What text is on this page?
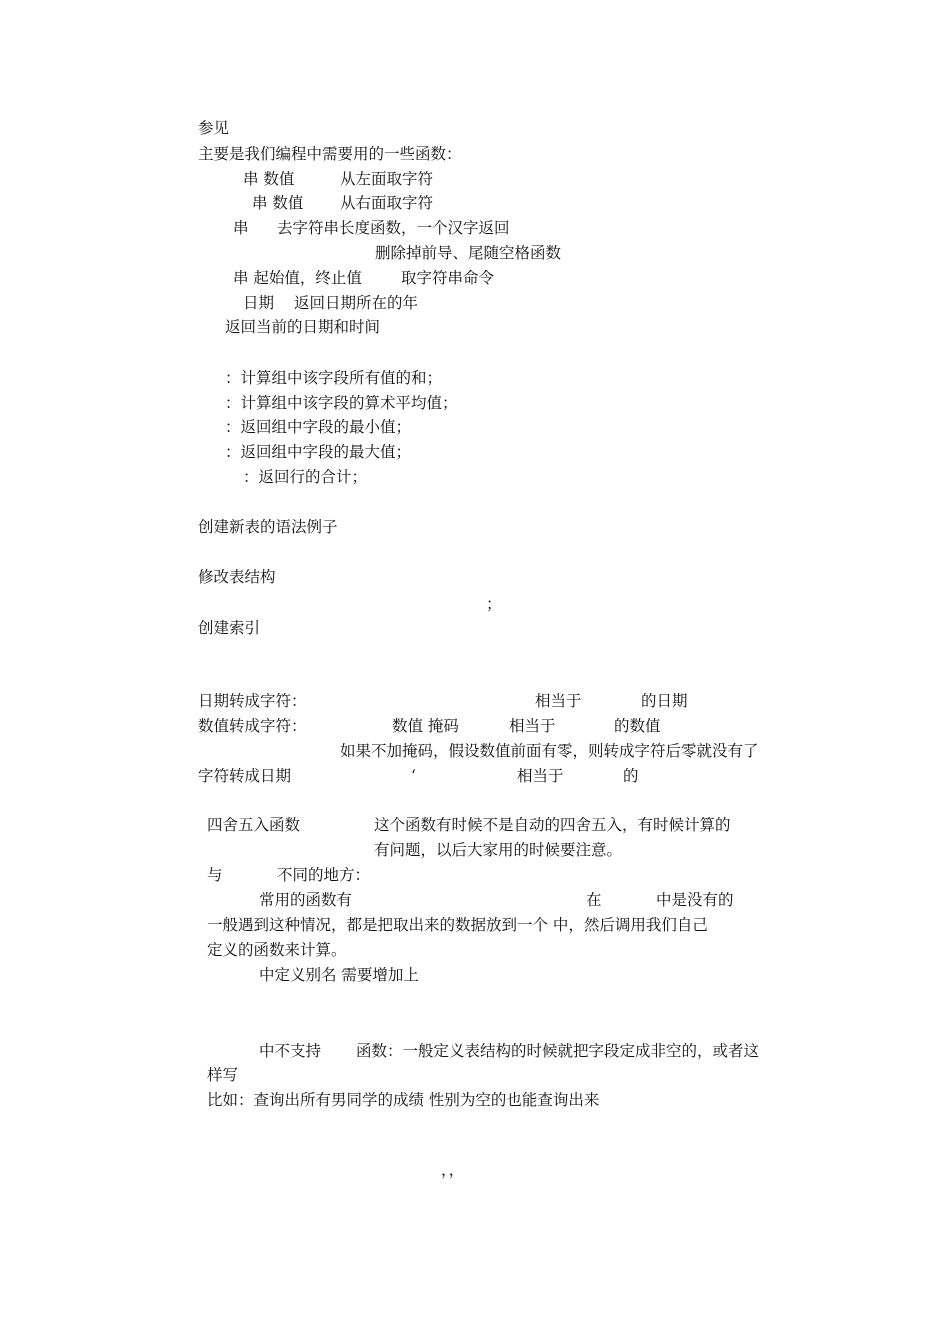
参见

主要是我们编程中需要用的一些函数：

串 数值	从左面取字符

串 数值 从右面取字符

串 去字符串长度函数，一个汉字返回

删除掉前导、尾随空格函数

串 起始值，终止值	取字符串命令

日期 返回日期所在的年

返回当前的日期和时间

：计算组中该字段所有值的和；

：计算组中该字段的算术平均值；

：返回组中字段的最小值；

：返回组中字段的最大值；

：返回行的合计；

创建新表的语法例子

修改表结构

；

创建索引

日期转成字符：	相当于	的日期

数值转成字符：	数值 掩码	相当于	的数值

如果不加掩码，假设数值前面有零，则转成字符后零就没有了

字符转成日期	‘	相当于	的

四舍五入函数	这个函数有时候不是自动的四舍五入，有时候计算的

有问题，以后大家用的时候要注意。

与	不同的地方：

常用的函数有	在	中是没有的

一般遇到这种情况，都是把取出来的数据放到一个 中，然后调用我们自己

定义的函数来计算。

中定义别名 需要增加上

中不支持 函数：一般定义表结构的时候就把字段定成非空的，或者这

样写

比如：查询出所有男同学的成绩 性别为空的也能查询出来

，，
